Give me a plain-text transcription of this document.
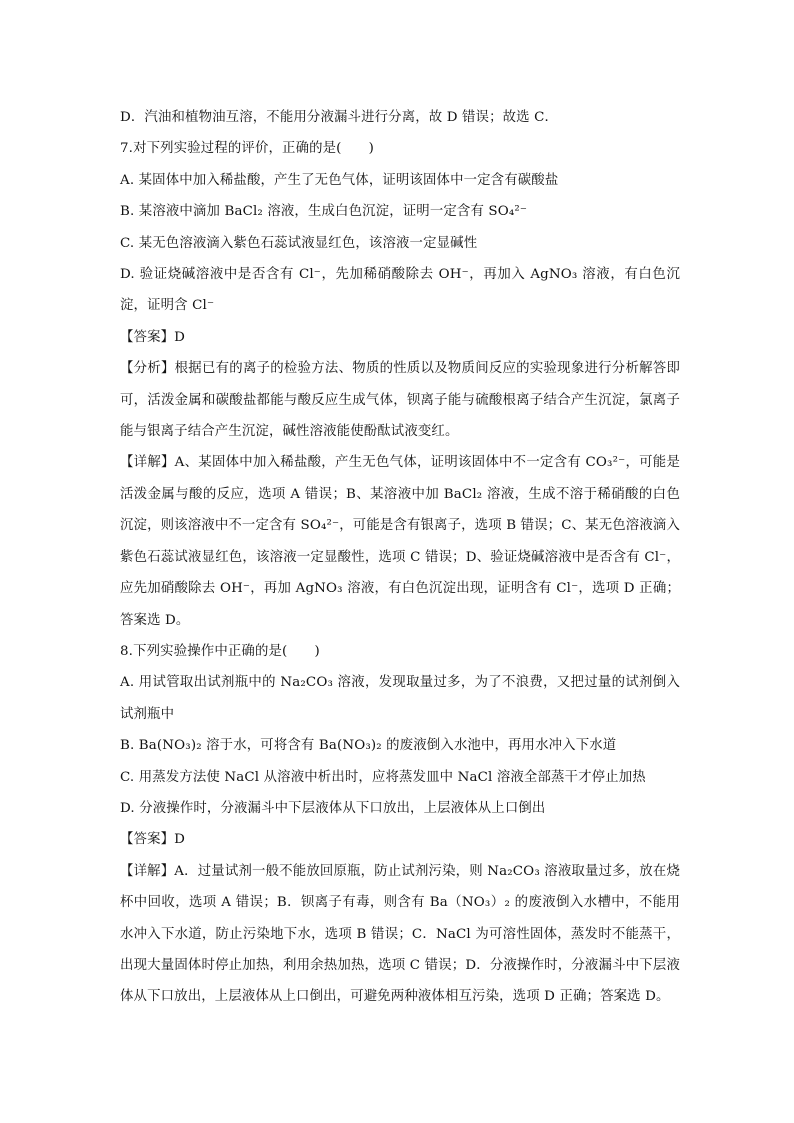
D．汽油和植物油互溶，不能用分液漏斗进行分离，故 D 错误；故选 C．

7.对下列实验过程的评价，正确的是(　　)

A. 某固体中加入稀盐酸，产生了无色气体，证明该固体中一定含有碳酸盐

B. 某溶液中滴加 BaCl₂ 溶液，生成白色沉淀，证明一定含有 SO₄²⁻

C. 某无色溶液滴入紫色石蕊试液显红色，该溶液一定显碱性

D. 验证烧碱溶液中是否含有 Cl⁻，先加稀硝酸除去 OH⁻，再加入 AgNO₃ 溶液，有白色沉淀，证明含 Cl⁻

【答案】D

【分析】根据已有的离子的检验方法、物质的性质以及物质间反应的实验现象进行分析解答即可，活泼金属和碳酸盐都能与酸反应生成气体，钡离子能与硫酸根离子结合产生沉淀，氯离子能与银离子结合产生沉淀，碱性溶液能使酚酞试液变红。

【详解】A、某固体中加入稀盐酸，产生无色气体，证明该固体中不一定含有 CO₃²⁻，可能是活泼金属与酸的反应，选项 A 错误；B、某溶液中加 BaCl₂ 溶液，生成不溶于稀硝酸的白色沉淀，则该溶液中不一定含有 SO₄²⁻，可能是含有银离子，选项 B 错误；C、某无色溶液滴入紫色石蕊试液显红色，该溶液一定显酸性，选项 C 错误；D、验证烧碱溶液中是否含有 Cl⁻，应先加硝酸除去 OH⁻，再加 AgNO₃ 溶液，有白色沉淀出现，证明含有 Cl⁻，选项 D 正确；答案选 D。

8.下列实验操作中正确的是(　　)

A. 用试管取出试剂瓶中的 Na₂CO₃ 溶液，发现取量过多，为了不浪费，又把过量的试剂倒入试剂瓶中

B. Ba(NO₃)₂ 溶于水，可将含有 Ba(NO₃)₂ 的废液倒入水池中，再用水冲入下水道

C. 用蒸发方法使 NaCl 从溶液中析出时，应将蒸发皿中 NaCl 溶液全部蒸干才停止加热

D. 分液操作时，分液漏斗中下层液体从下口放出，上层液体从上口倒出

【答案】D

【详解】A．过量试剂一般不能放回原瓶，防止试剂污染，则 Na₂CO₃ 溶液取量过多，放在烧杯中回收，选项 A 错误；B．钡离子有毒，则含有 Ba（NO₃）₂ 的废液倒入水槽中，不能用水冲入下水道，防止污染地下水，选项 B 错误；C．NaCl 为可溶性固体，蒸发时不能蒸干，出现大量固体时停止加热，利用余热加热，选项 C 错误；D．分液操作时，分液漏斗中下层液体从下口放出，上层液体从上口倒出，可避免两种液体相互污染，选项 D 正确；答案选 D。
